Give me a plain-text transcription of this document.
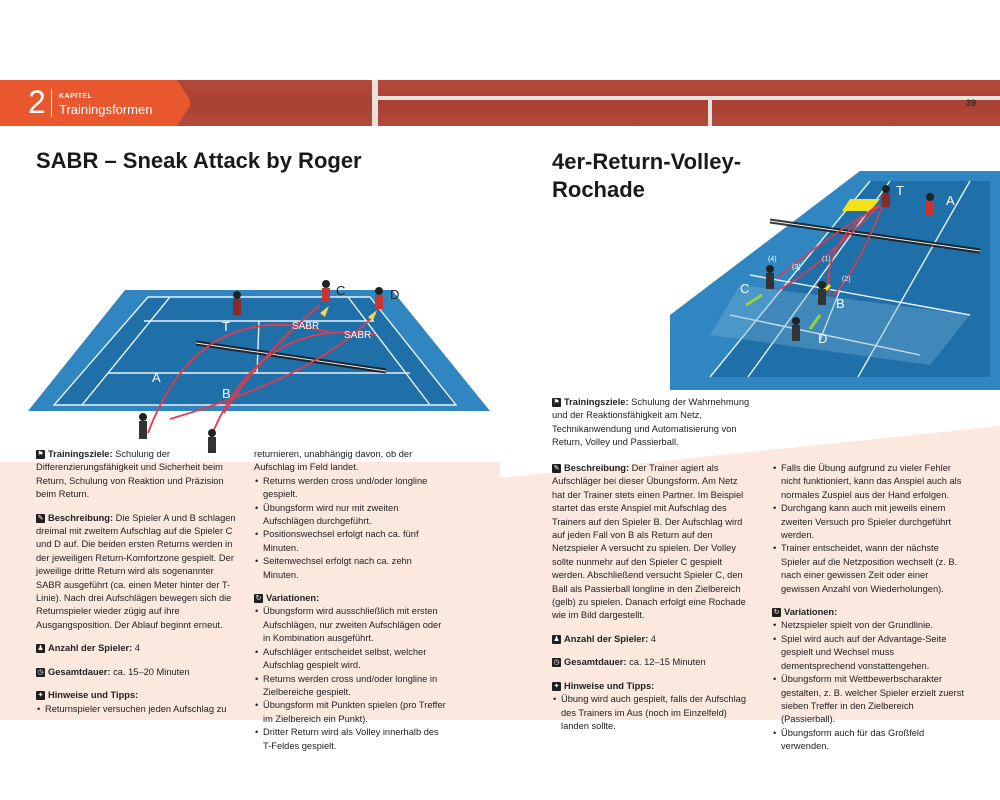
2 KAPITEL
Trainingsformen	39
SABR – Sneak Attack by Roger
C	D
T	SABR
SABR
A
B

⚑ Trainingsziele: Schulung der Differenzierungsfähigkeit und Sicherheit beim Return, Schulung von Reaktion und Präzision beim Return.

✎ Beschreibung: Die Spieler A und B schlagen dreimal mit zweitem Aufschlag auf die Spieler C und D auf. Die beiden ersten Returns werden in der jeweiligen Return-Komfortzone gespielt. Der jeweilige dritte Return wird als sogenannter SABR ausgeführt (ca. einen Meter hinter der T-Linie). Nach drei Aufschlägen bewegen sich die Returnspieler wieder zügig auf ihre Ausgangsposition. Der Ablauf beginnt erneut.

♟ Anzahl der Spieler: 4

◷ Gesamtdauer: ca. 15–20 Minuten

✦ Hinweise und Tipps:

• Returnspieler versuchen jeden Aufschlag zu

returnieren, unabhängig davon, ob der Aufschlag im Feld landet.

• Returns werden cross und/oder longline gespielt.
• Übungsform wird nur mit zweiten Aufschlägen durchgeführt.
• Positionswechsel erfolgt nach ca. fünf Minuten.
• Seitenwechsel erfolgt nach ca. zehn Minuten.

↻ Variationen:

• Übungsform wird ausschließlich mit ersten Aufschlägen, nur zweiten Aufschlägen oder in Kombination ausgeführt.
• Aufschläger entscheidet selbst, welcher Aufschlag gespielt wird.
• Returns werden cross und/oder longline in Zielbereiche gespielt.
• Übungsform mit Punkten spielen (pro Treffer im Zielbereich ein Punkt).
• Dritter Return wird als Volley innerhalb des T-Feldes gespielt.
4er-Return-Volley-Rochade	T
A
C
B
D
(1)
(2)
(3)
(4)

⚑ Trainingsziele: Schulung der Wahrnehmung und der Reaktionsfähigkeit am Netz, Technikanwendung und Automatisierung von Return, Volley und Passierball.

✎ Beschreibung: Der Trainer agiert als Aufschläger bei dieser Übungsform. Am Netz hat der Trainer stets einen Partner. Im Beispiel startet das erste Anspiel mit Aufschlag des Trainers auf den Spieler B. Der Aufschlag wird auf jeden Fall von B als Return auf den Netzspieler A versucht zu spielen. Der Volley sollte nunmehr auf den Spieler C gespielt werden. Abschließend versucht Spieler C, den Ball als Passierball longline in den Zielbereich (gelb) zu spielen. Danach erfolgt eine Rochade wie im Bild dargestellt.

♟ Anzahl der Spieler: 4

◷ Gesamtdauer: ca. 12–15 Minuten

✦ Hinweise und Tipps:

• Übung wird auch gespielt, falls der Aufschlag des Trainers im Aus (noch im Einzelfeld) landen sollte.
• Falls die Übung aufgrund zu vieler Fehler nicht funktioniert, kann das Anspiel auch als normales Zuspiel aus der Hand erfolgen.
• Durchgang kann auch mit jeweils einem zweiten Versuch pro Spieler durchgeführt werden.
• Trainer entscheidet, wann der nächste Spieler auf die Netzposition wechselt (z. B. nach einer gewissen Zeit oder einer gewissen Anzahl von Wiederholungen).

↻ Variationen:

• Netzspieler spielt von der Grundlinie.
• Spiel wird auch auf der Advantage-Seite gespielt und Wechsel muss dementsprechend vonstattengehen.
• Übungsform mit Wettbewerbscharakter gestalten, z. B. welcher Spieler erzielt zuerst sieben Treffer in den Zielbereich (Passierball).
• Übungsform auch für das Großfeld verwenden.
